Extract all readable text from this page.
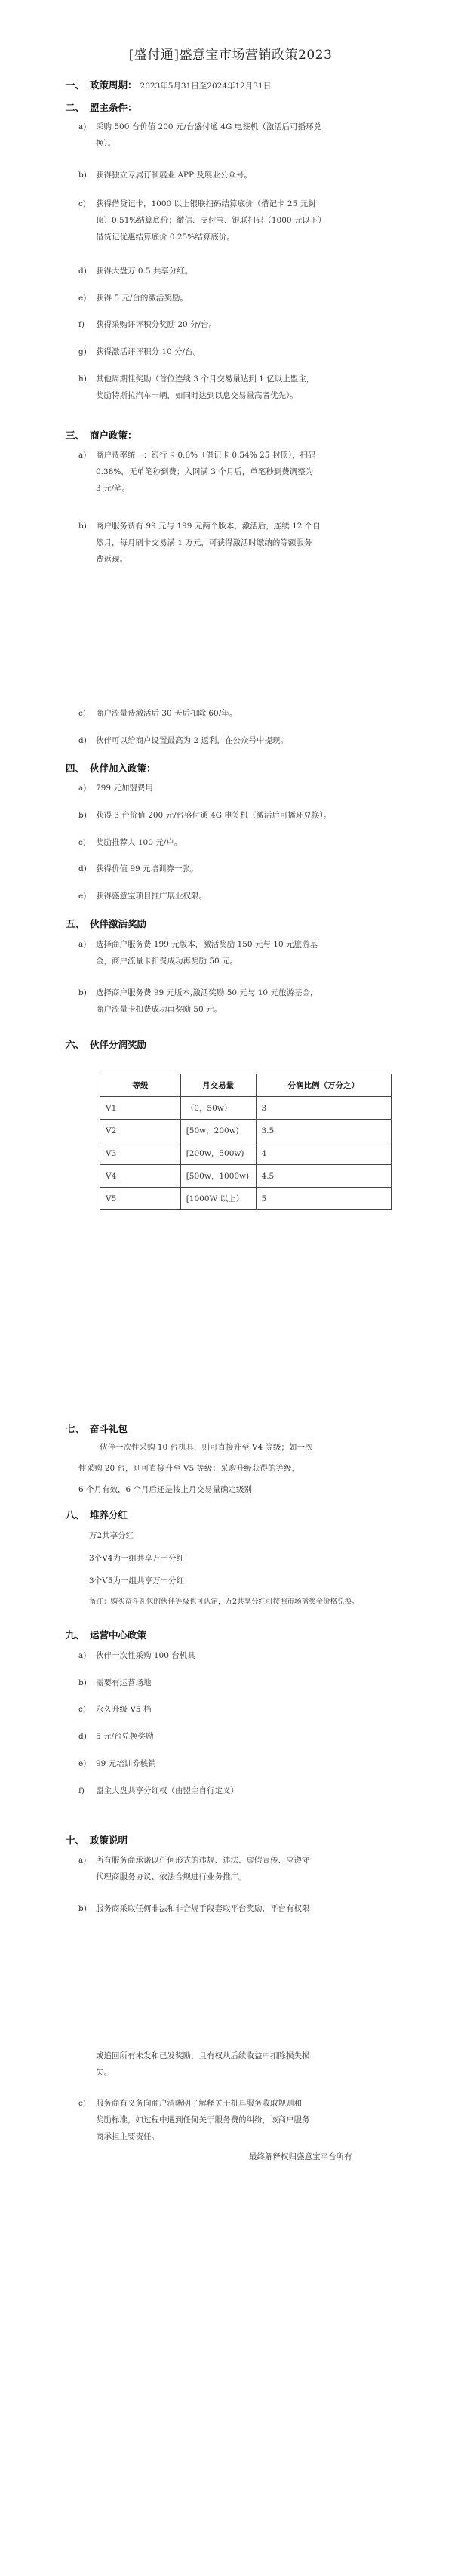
[盛付通]盛意宝市场营销政策2023
一、 政策周期： 2023年5月31日至2024年12月31日
二、 盟主条件：
a)	采购 500 台价值 200 元/台盛付通 4G 电签机（激活后可播环兑
换）。
b)	获得独立专属订制展业 APP 及展业公众号。
c)	获得借贷记卡，1000 以上银联扫码结算底价（借记卡 25 元封
顶）0.51%结算底价；微信、支付宝、银联扫码（1000 元以下）
借贷记优惠结算底价 0.25%结算底价。
d)	获得大盘万 0.5 共享分红。
e)	获得 5 元/台的激活奖励。
f)	获得采购评评积分奖励 20 分/台。
g)	获得激活评评积分 10 分/台。
h)	其他周期性奖励（首位连续 3 个月交易量达到 1 亿以上盟主，
奖励特斯拉汽车一辆，如同时达到以息交易量高者优先）。
三、 商户政策：
a)	商户费率统一：银行卡 0.6%（借记卡 0.54% 25 封顶），扫码
0.38%，无单笔秒到费；入网满 3 个月后，单笔秒到费调整为
3 元/笔。
b)	商户服务费有 99 元与 199 元两个版本，激活后，连续 12 个自
然月，每月刷卡交易满 1 万元，可获得激活时缴纳的等额服务
费返现。
c)	商户流量费激活后 30 天后扣除 60/年。
d)	伙伴可以给商户设置最高为 2 返利，在公众号中提现。
四、 伙伴加入政策：
a)	799 元加盟费用
b)	获得 3 台价值 200 元/台盛付通 4G 电签机（激活后可播环兑换）。
c)	奖励推荐人 100 元/户。
d)	获得价值 99 元培训券一张。
e)	获得盛意宝项目推广展业权限。
五、 伙伴激活奖励
a)	选择商户服务费 199 元版本，激活奖励 150 元与 10 元旅游基
金，商户流量卡扣费成功再奖励 50 元。
b)	选择商户服务费 99 元版本,激活奖励 50 元与 10 元旅游基金，
商户流量卡扣费成功再奖励 50 元。
六、 伙伴分润奖励
等级	月交易量	分润比例（万分之）
V1	（0，50w）	3
V2	[50w，200w)	3.5
V3	[200w，500w)	4
V4	[500w，1000w)	4.5
V5	[1000W 以上）	5
七、 奋斗礼包
伙伴一次性采购 10 台机具，则可直接升至 V4 等级；如一次
性采购 20 台，则可直接升至 V5 等级；采购升级获得的等级，
6 个月有效，6 个月后还是按上月交易量确定级别
八、 堆养分红
万2共享分红
3个V4为一组共享万一分红
3个V5为一组共享万一分红
备注：购买奋斗礼包的伙伴等级也可认定，万2共享分红可按照市场播奖金价格兑换。
九、 运营中心政策
a)	伙伴一次性采购 100 台机具
b)	需要有运营场地
c)	永久升级 V5 档
d)	5 元/台兑换奖励
e)	99 元培训券核销
f)	盟主大盘共享分红权（由盟主自行定义）
十、 政策说明
a)	所有服务商承诺以任何形式的违规、违法、虚假宣传、应遵守
代理商服务协议、依法合规进行业务推广。
b)	服务商采取任何非法和非合规手段套取平台奖励，平台有权限
或追回所有未发和已发奖励，且有权从后续收益中扣除损失损
失。
c)	服务商有义务向商户清晰明了解释关于机具服务收取规则和
奖励标准，如过程中遇到任何关于服务费的纠纷，该商户服务
商承担主要责任。
最终解释权归盛意宝平台所有
